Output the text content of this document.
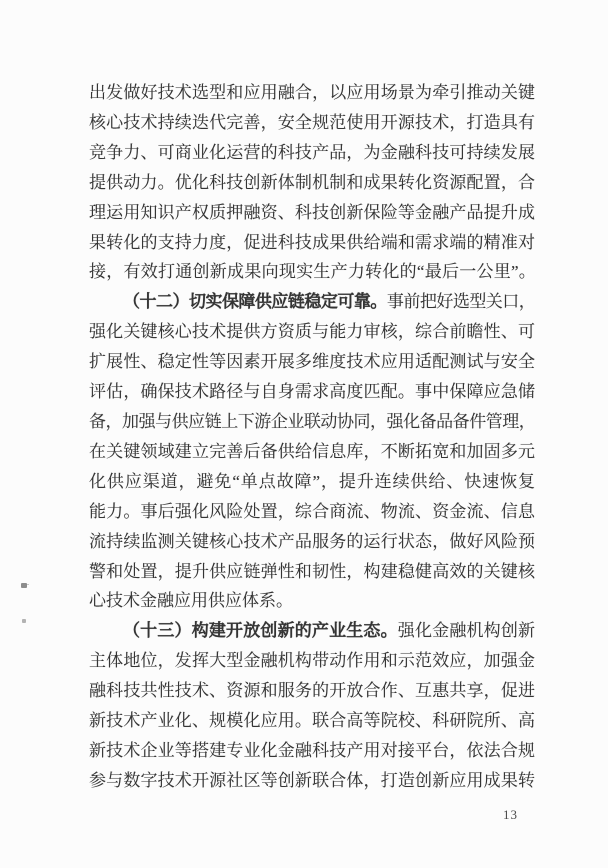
出发做好技术选型和应用融合，以应用场景为牵引推动关键
核心技术持续迭代完善，安全规范使用开源技术，打造具有
竞争力、可商业化运营的科技产品，为金融科技可持续发展
提供动力。优化科技创新体制机制和成果转化资源配置，合
理运用知识产权质押融资、科技创新保险等金融产品提升成
果转化的支持力度，促进科技成果供给端和需求端的精准对
接，有效打通创新成果向现实生产力转化的“最后一公里”。
（十二）切实保障供应链稳定可靠。事前把好选型关口，
强化关键核心技术提供方资质与能力审核，综合前瞻性、可
扩展性、稳定性等因素开展多维度技术应用适配测试与安全
评估，确保技术路径与自身需求高度匹配。事中保障应急储
备，加强与供应链上下游企业联动协同，强化备品备件管理，
在关键领域建立完善后备供给信息库，不断拓宽和加固多元
化供应渠道，避免“单点故障”，提升连续供给、快速恢复
能力。事后强化风险处置，综合商流、物流、资金流、信息
流持续监测关键核心技术产品服务的运行状态，做好风险预
警和处置，提升供应链弹性和韧性，构建稳健高效的关键核
心技术金融应用供应体系。
（十三）构建开放创新的产业生态。强化金融机构创新
主体地位，发挥大型金融机构带动作用和示范效应，加强金
融科技共性技术、资源和服务的开放合作、互惠共享，促进
新技术产业化、规模化应用。联合高等院校、科研院所、高
新技术企业等搭建专业化金融科技产用对接平台，依法合规
参与数字技术开源社区等创新联合体，打造创新应用成果转
13
